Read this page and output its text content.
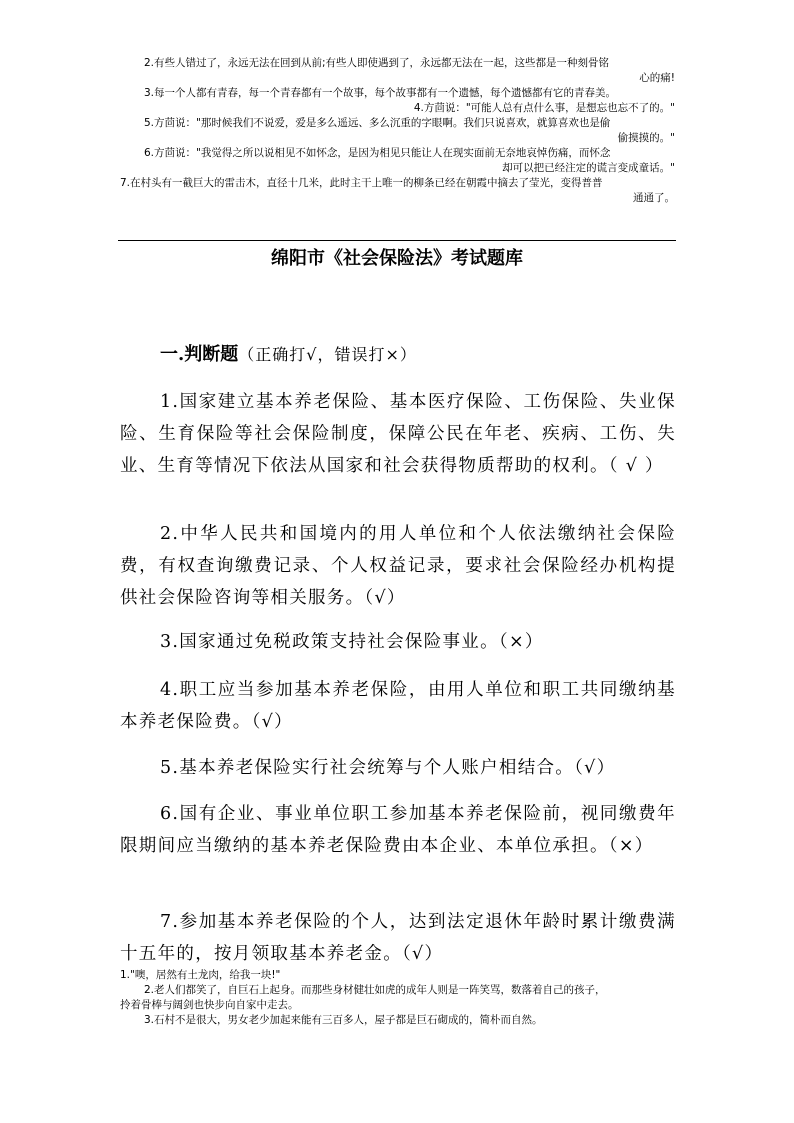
2.有些人错过了，永远无法在回到从前;有些人即使遇到了，永远都无法在一起，这些都是一种刻骨铭
心的痛!
3.每一个人都有青春，每一个青春都有一个故事，每个故事都有一个遗憾，每个遗憾都有它的青春美。
4.方茴说："可能人总有点什么事，是想忘也忘不了的。"
5.方茴说："那时候我们不说爱，爱是多么遥远、多么沉重的字眼啊。我们只说喜欢，就算喜欢也是偷
偷摸摸的。"
6.方茴说："我觉得之所以说相见不如怀念，是因为相见只能让人在现实面前无奈地哀悼伤痛，而怀念
却可以把已经注定的谎言变成童话。"
7.在村头有一截巨大的雷击木，直径十几米，此时主干上唯一的柳条已经在朝霞中摘去了莹光，变得普普
通通了。
绵阳市《社会保险法》考试题库
一.判断题（正确打√，错误打×）

1.国家建立基本养老保险、基本医疗保险、工伤保险、失业保险、生育保险等社会保险制度，保障公民在年老、疾病、工伤、失业、生育等情况下依法从国家和社会获得物质帮助的权利。（ √ ）

2.中华人民共和国境内的用人单位和个人依法缴纳社会保险费，有权查询缴费记录、个人权益记录，要求社会保险经办机构提供社会保险咨询等相关服务。（√）

3.国家通过免税政策支持社会保险事业。（×）

4.职工应当参加基本养老保险，由用人单位和职工共同缴纳基本养老保险费。（√）

5.基本养老保险实行社会统筹与个人账户相结合。（√）

6.国有企业、事业单位职工参加基本养老保险前，视同缴费年限期间应当缴纳的基本养老保险费由本企业、本单位承担。（×）

7.参加基本养老保险的个人，达到法定退休年龄时累计缴费满十五年的，按月领取基本养老金。（√）

1."噢，居然有土龙肉，给我一块!"
2.老人们都笑了，自巨石上起身。而那些身材健壮如虎的成年人则是一阵笑骂，数落着自己的孩子，
拎着骨棒与阔剑也快步向自家中走去。
3.石村不是很大，男女老少加起来能有三百多人，屋子都是巨石砌成的，简朴而自然。
